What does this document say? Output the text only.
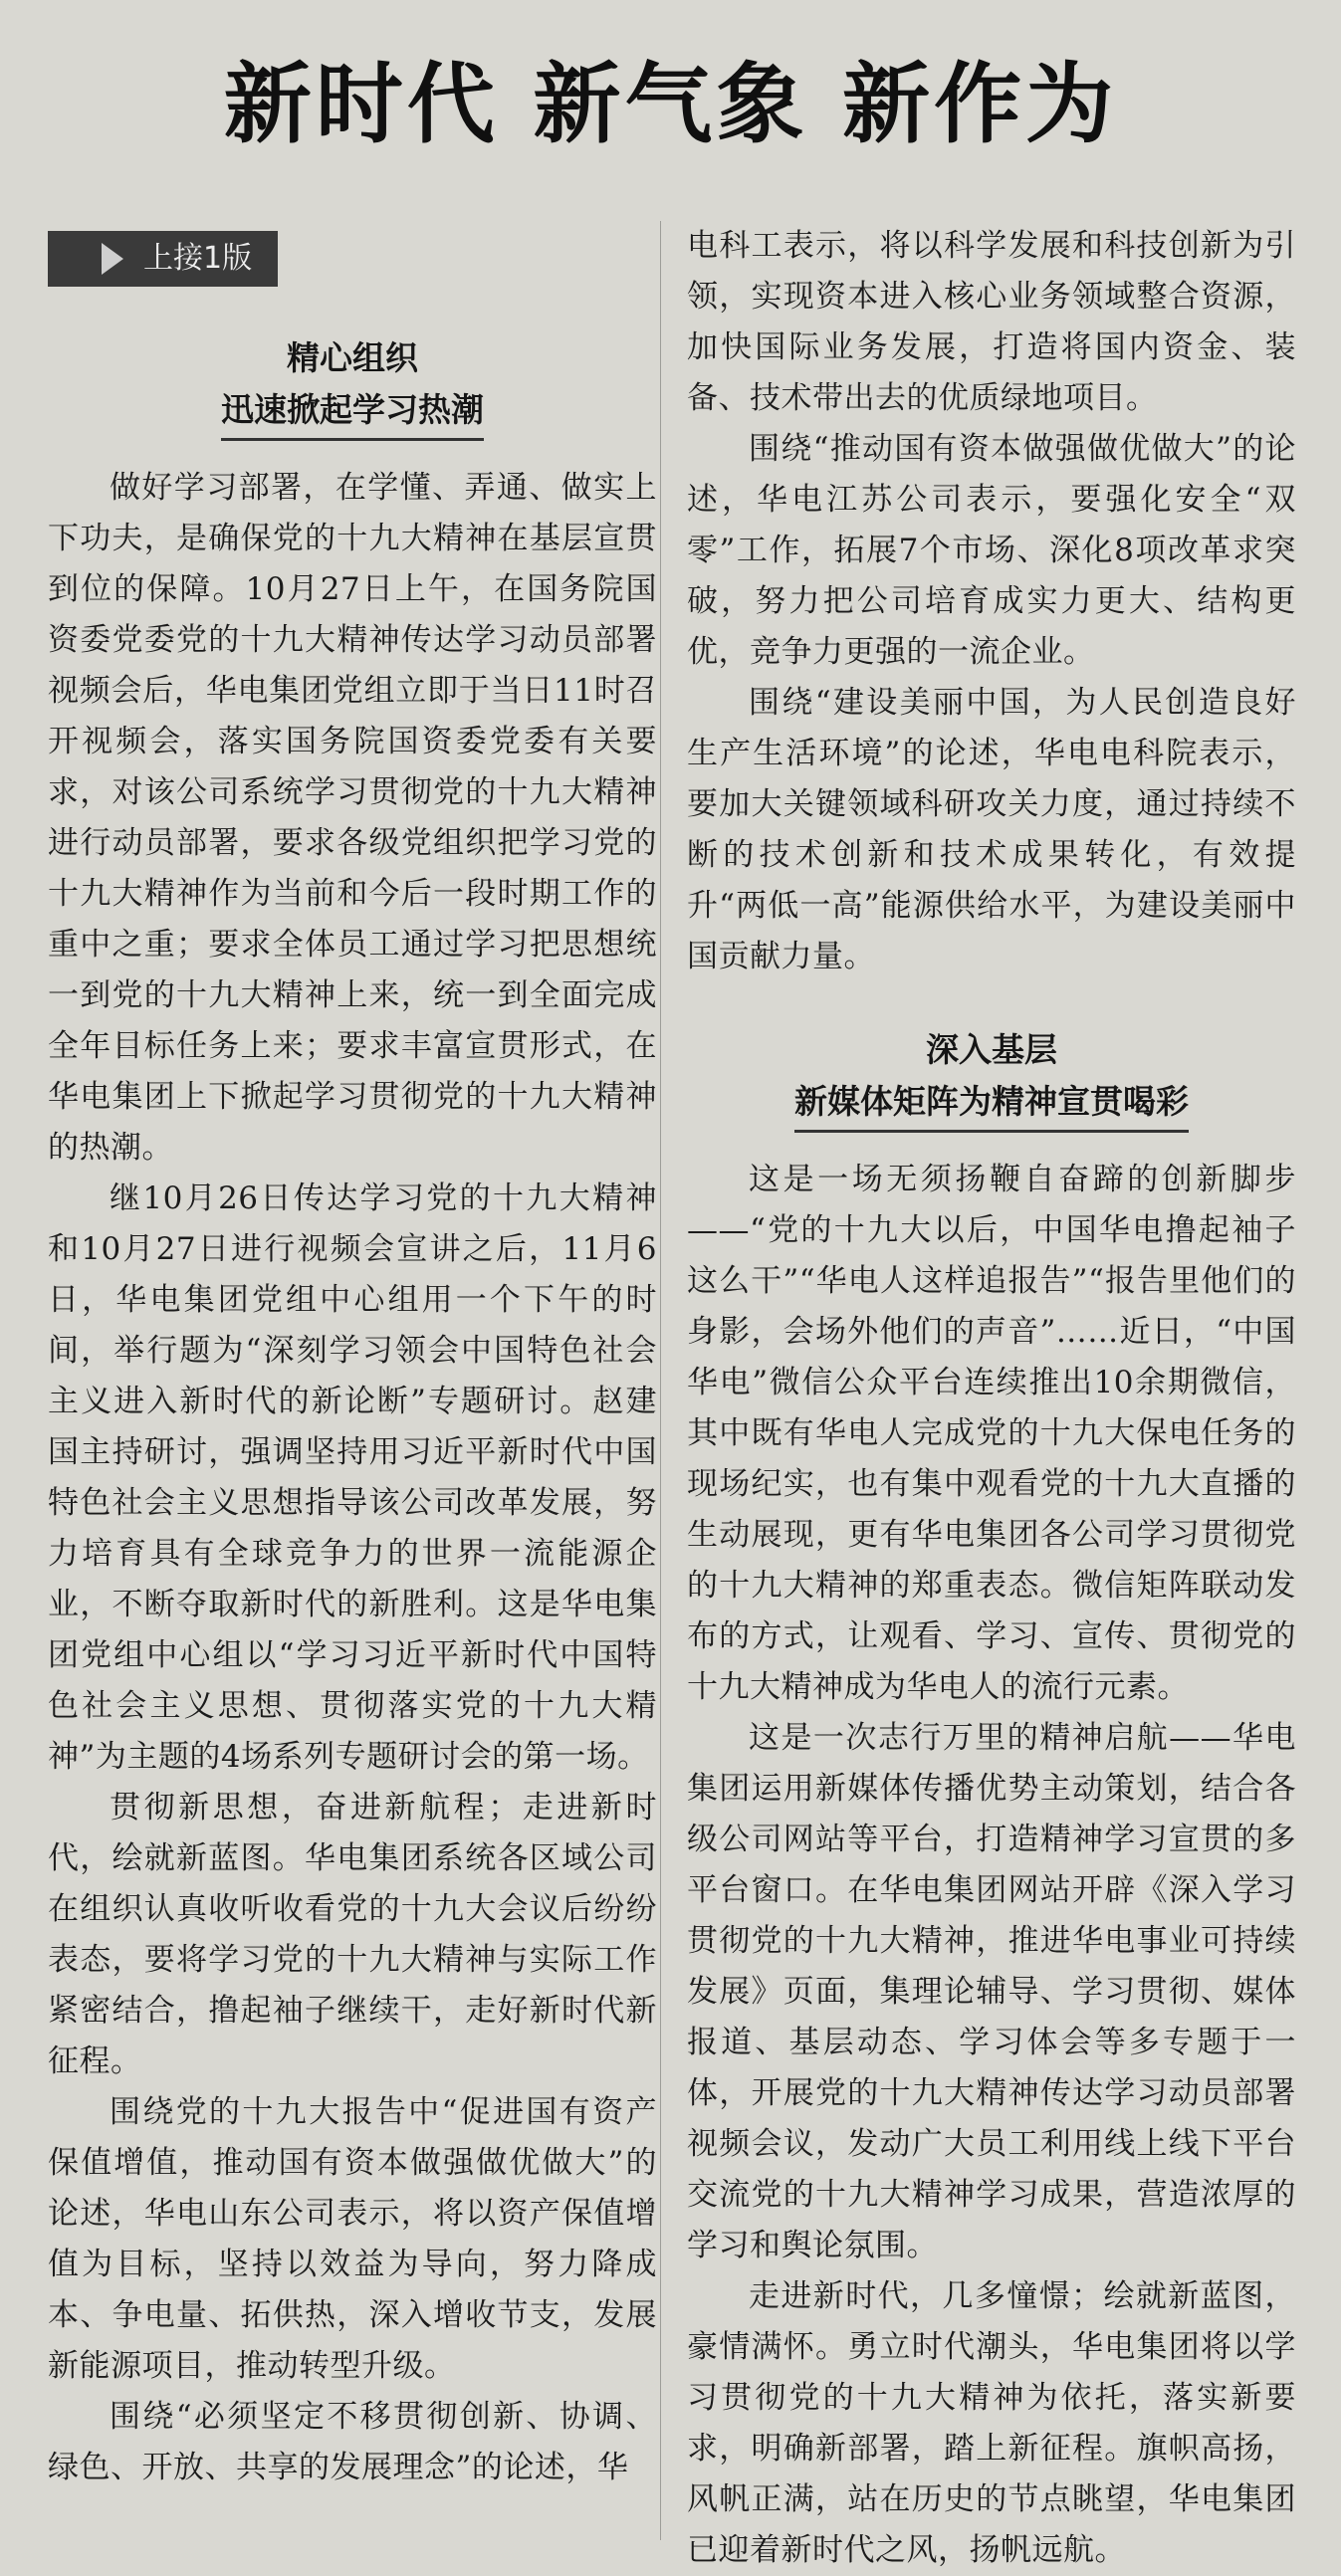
新时代 新气象 新作为
上接1版
精心组织
迅速掀起学习热潮

做好学习部署，在学懂、弄通、做实上下功夫，是确保党的十九大精神在基层宣贯到位的保障。10月27日上午，在国务院国资委党委党的十九大精神传达学习动员部署视频会后，华电集团党组立即于当日11时召开视频会，落实国务院国资委党委有关要求，对该公司系统学习贯彻党的十九大精神进行动员部署，要求各级党组织把学习党的十九大精神作为当前和今后一段时期工作的重中之重；要求全体员工通过学习把思想统一到党的十九大精神上来，统一到全面完成全年目标任务上来；要求丰富宣贯形式，在华电集团上下掀起学习贯彻党的十九大精神的热潮。

继10月26日传达学习党的十九大精神和10月27日进行视频会宣讲之后，11月6日，华电集团党组中心组用一个下午的时间，举行题为“深刻学习领会中国特色社会主义进入新时代的新论断”专题研讨。赵建国主持研讨，强调坚持用习近平新时代中国特色社会主义思想指导该公司改革发展，努力培育具有全球竞争力的世界一流能源企业，不断夺取新时代的新胜利。这是华电集团党组中心组以“学习习近平新时代中国特色社会主义思想、贯彻落实党的十九大精神”为主题的4场系列专题研讨会的第一场。

贯彻新思想，奋进新航程；走进新时代，绘就新蓝图。华电集团系统各区域公司在组织认真收听收看党的十九大会议后纷纷表态，要将学习党的十九大精神与实际工作紧密结合，撸起袖子继续干，走好新时代新征程。

围绕党的十九大报告中“促进国有资产保值增值，推动国有资本做强做优做大”的论述，华电山东公司表示，将以资产保值增值为目标，坚持以效益为导向，努力降成本、争电量、拓供热，深入增收节支，发展新能源项目，推动转型升级。

围绕“必须坚定不移贯彻创新、协调、绿色、开放、共享的发展理念”的论述，华

电科工表示，将以科学发展和科技创新为引领，实现资本进入核心业务领域整合资源，加快国际业务发展，打造将国内资金、装备、技术带出去的优质绿地项目。

围绕“推动国有资本做强做优做大”的论述，华电江苏公司表示，要强化安全“双零”工作，拓展7个市场、深化8项改革求突破，努力把公司培育成实力更大、结构更优，竞争力更强的一流企业。

围绕“建设美丽中国，为人民创造良好生产生活环境”的论述，华电电科院表示，要加大关键领域科研攻关力度，通过持续不断的技术创新和技术成果转化，有效提升“两低一高”能源供给水平，为建设美丽中国贡献力量。

深入基层
新媒体矩阵为精神宣贯喝彩

这是一场无须扬鞭自奋蹄的创新脚步——“党的十九大以后，中国华电撸起袖子这么干”“华电人这样追报告”“报告里他们的身影，会场外他们的声音”……近日，“中国华电”微信公众平台连续推出10余期微信，其中既有华电人完成党的十九大保电任务的现场纪实，也有集中观看党的十九大直播的生动展现，更有华电集团各公司学习贯彻党的十九大精神的郑重表态。微信矩阵联动发布的方式，让观看、学习、宣传、贯彻党的十九大精神成为华电人的流行元素。

这是一次志行万里的精神启航——华电集团运用新媒体传播优势主动策划，结合各级公司网站等平台，打造精神学习宣贯的多平台窗口。在华电集团网站开辟《深入学习贯彻党的十九大精神，推进华电事业可持续发展》页面，集理论辅导、学习贯彻、媒体报道、基层动态、学习体会等多专题于一体，开展党的十九大精神传达学习动员部署视频会议，发动广大员工利用线上线下平台交流党的十九大精神学习成果，营造浓厚的学习和舆论氛围。

走进新时代，几多憧憬；绘就新蓝图，豪情满怀。勇立时代潮头，华电集团将以学习贯彻党的十九大精神为依托，落实新要求，明确新部署，踏上新征程。旗帜高扬，风帆正满，站在历史的节点眺望，华电集团已迎着新时代之风，扬帆远航。
